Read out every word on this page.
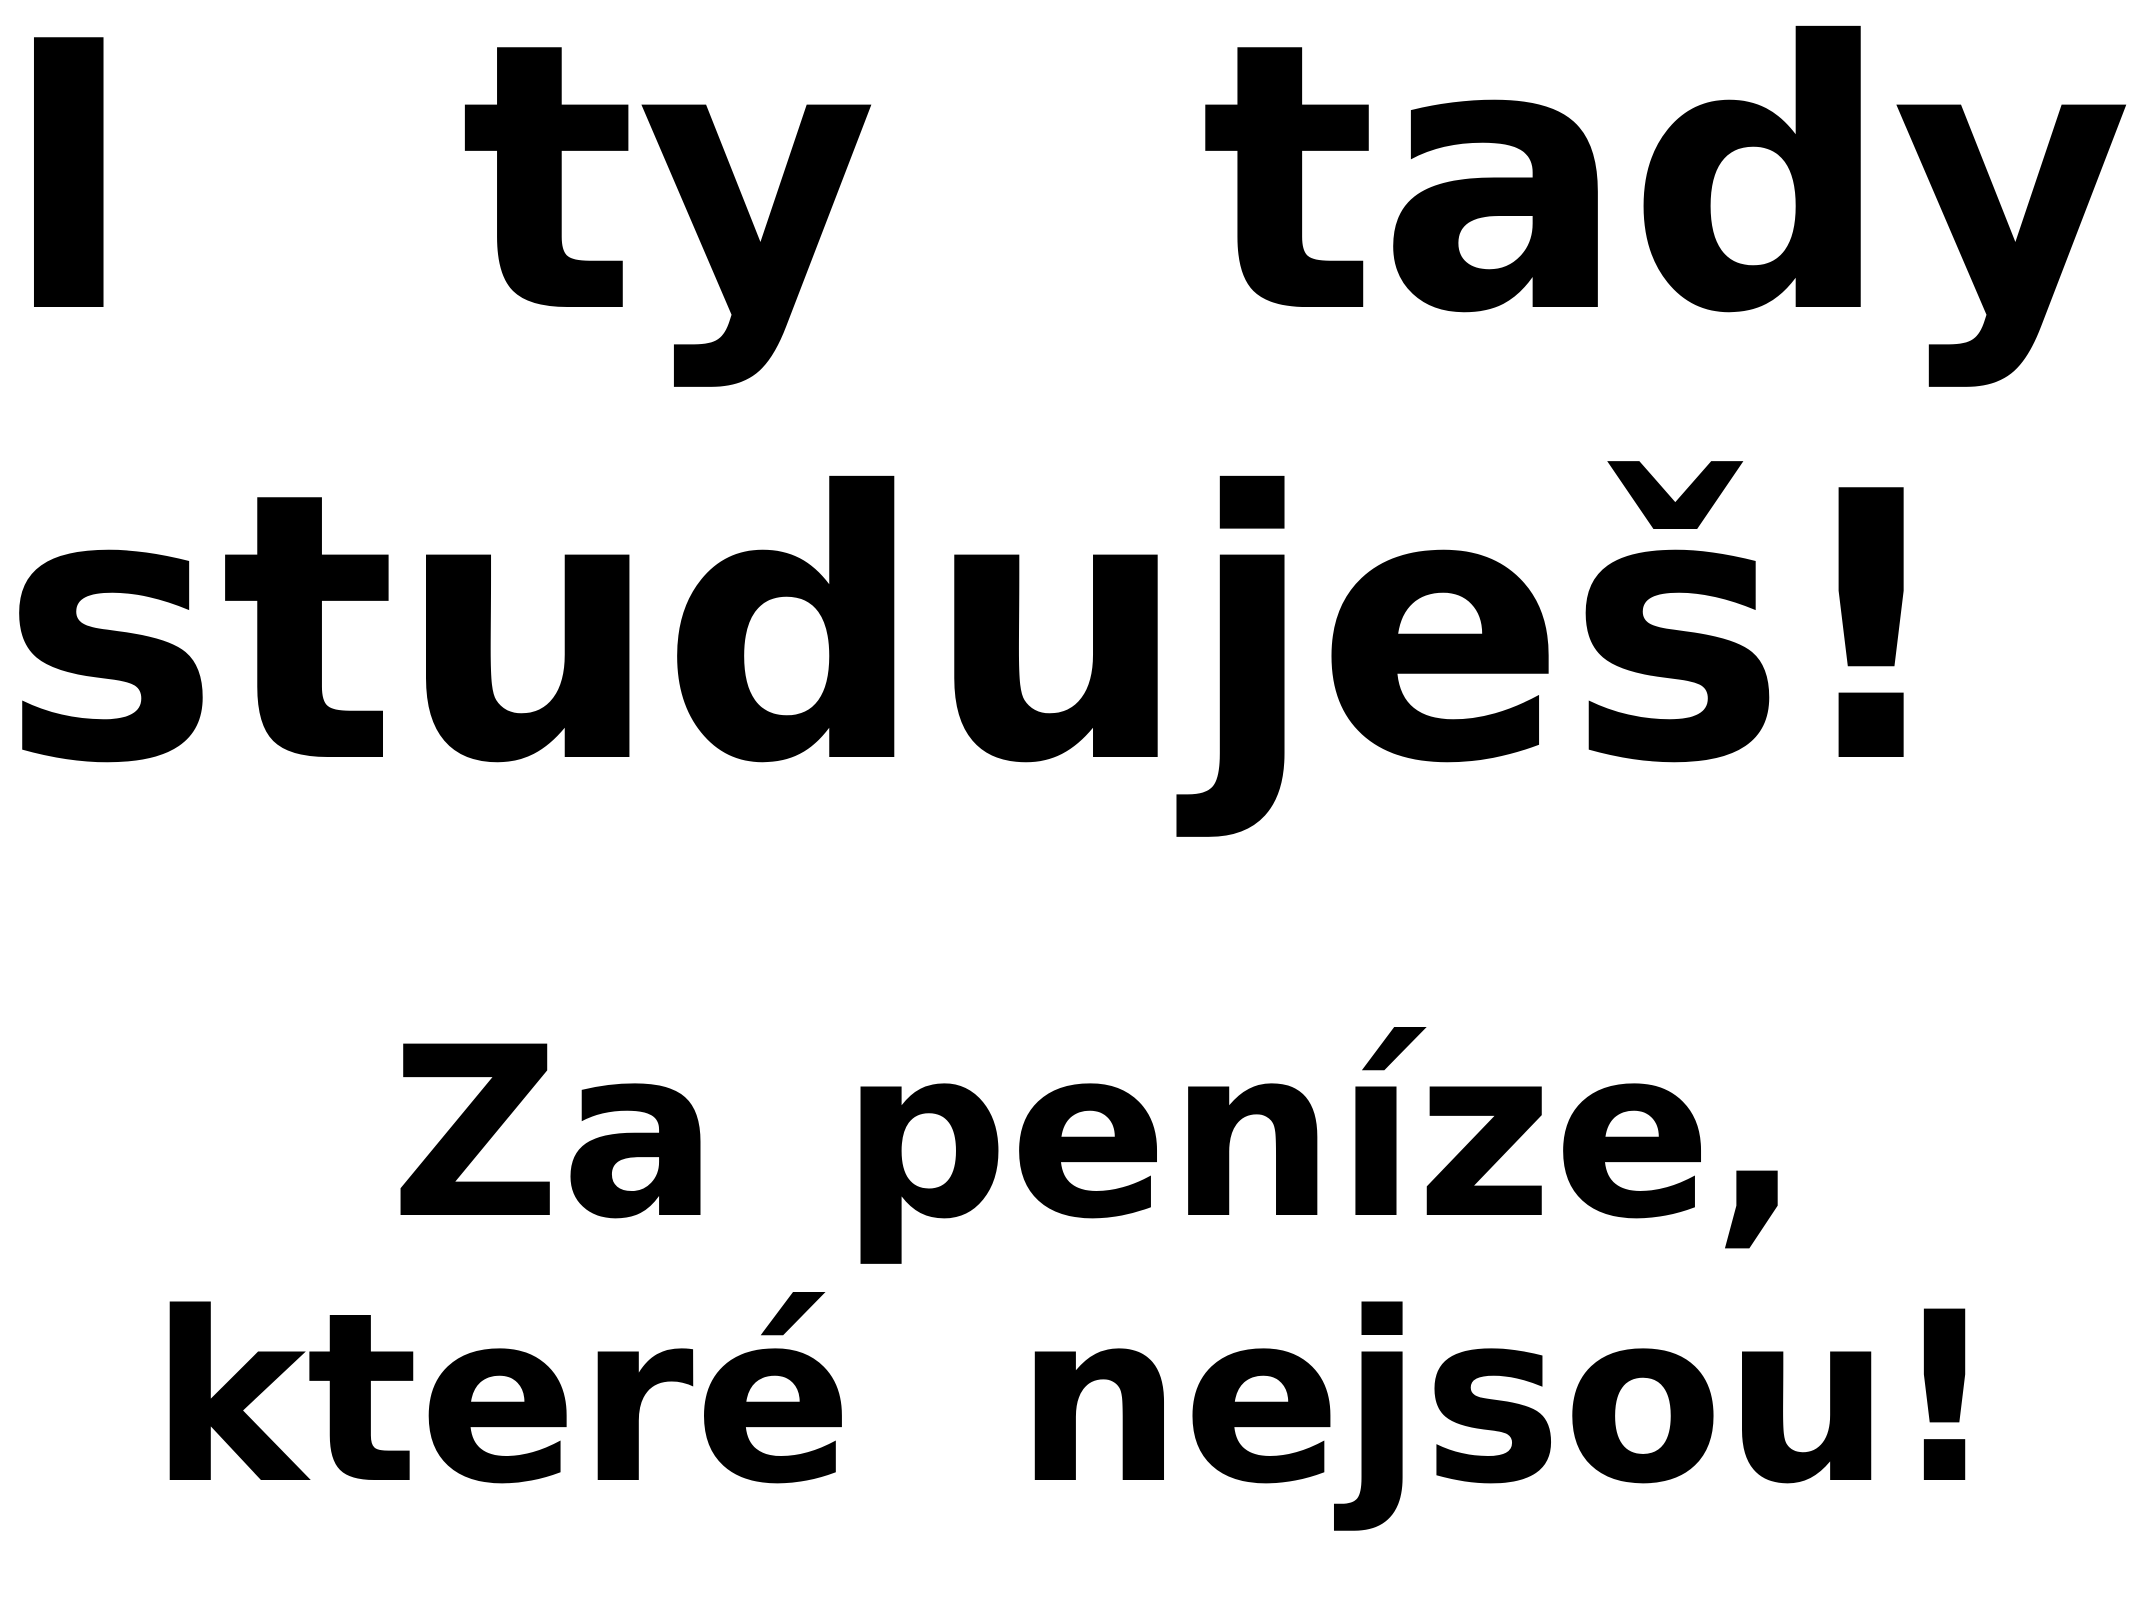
I ty tady
studuješ!
Za peníze,
které nejsou!
